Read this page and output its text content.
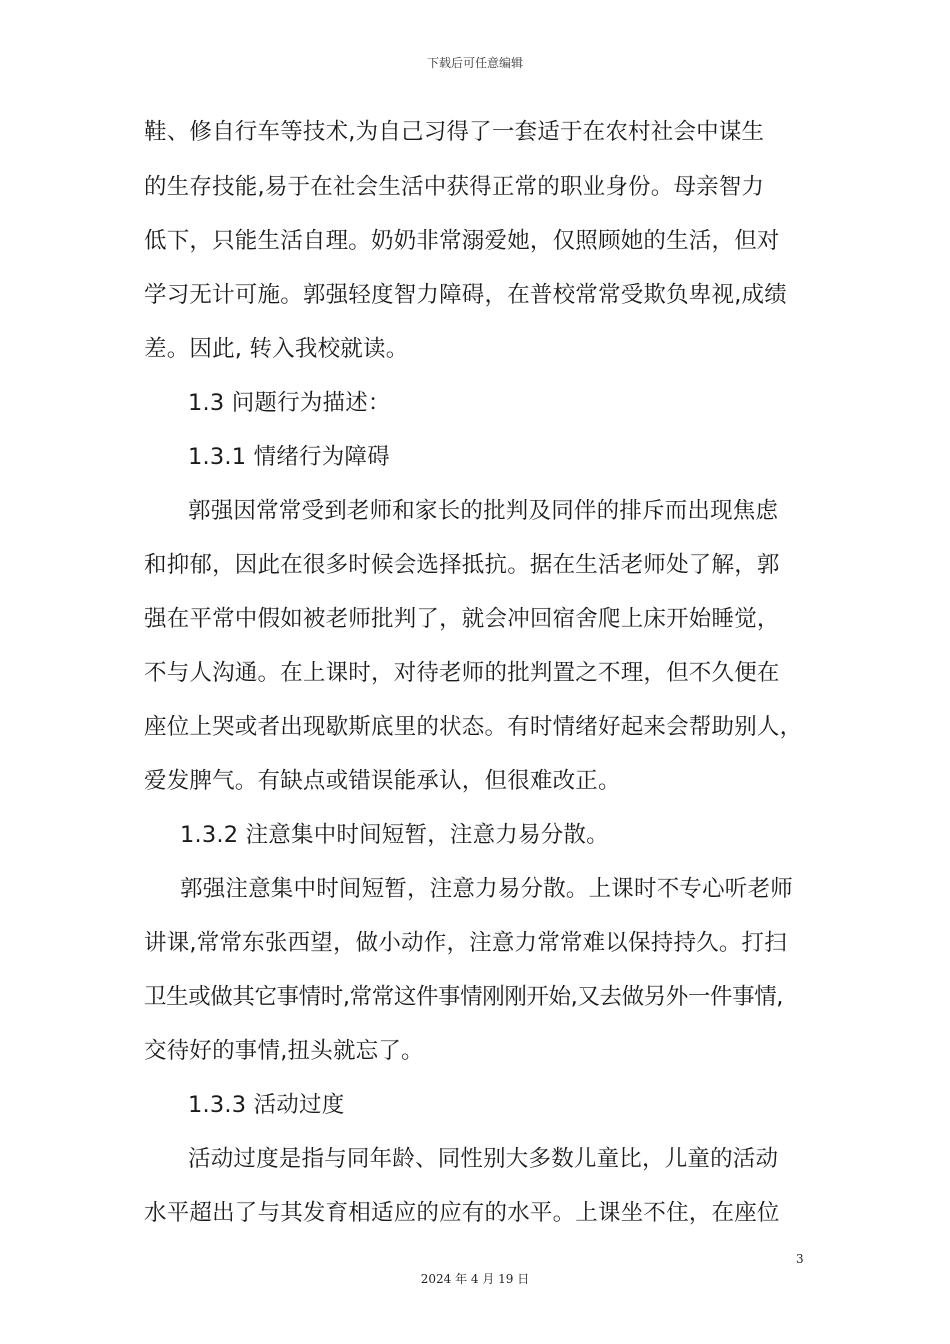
下载后可任意编辑
鞋、修自行车等技术,为自己习得了一套适于在农村社会中谋生
的生存技能,易于在社会生活中获得正常的职业身份。母亲智力
低下，只能生活自理。奶奶非常溺爱她，仅照顾她的生活，但对
学习无计可施。郭强轻度智力障碍，在普校常常受欺负卑视,成绩
差。因此, 转入我校就读。
1.3 问题行为描述：
1.3.1 情绪行为障碍
郭强因常常受到老师和家长的批判及同伴的排斥而出现焦虑
和抑郁，因此在很多时候会选择抵抗。据在生活老师处了解，郭
强在平常中假如被老师批判了，就会冲回宿舍爬上床开始睡觉，
不与人沟通。在上课时，对待老师的批判置之不理，但不久便在
座位上哭或者出现歇斯底里的状态。有时情绪好起来会帮助别人，
爱发脾气。有缺点或错误能承认，但很难改正。
1.3.2 注意集中时间短暂，注意力易分散。
郭强注意集中时间短暂，注意力易分散。上课时不专心听老师
讲课,常常东张西望，做小动作，注意力常常难以保持持久。打扫
卫生或做其它事情时,常常这件事情刚刚开始,又去做另外一件事情,
交待好的事情,扭头就忘了。
1.3.3 活动过度
活动过度是指与同年龄、同性别大多数儿童比，儿童的活动
水平超出了与其发育相适应的应有的水平。上课坐不住，在座位
3
2024 年 4 月 19 日
